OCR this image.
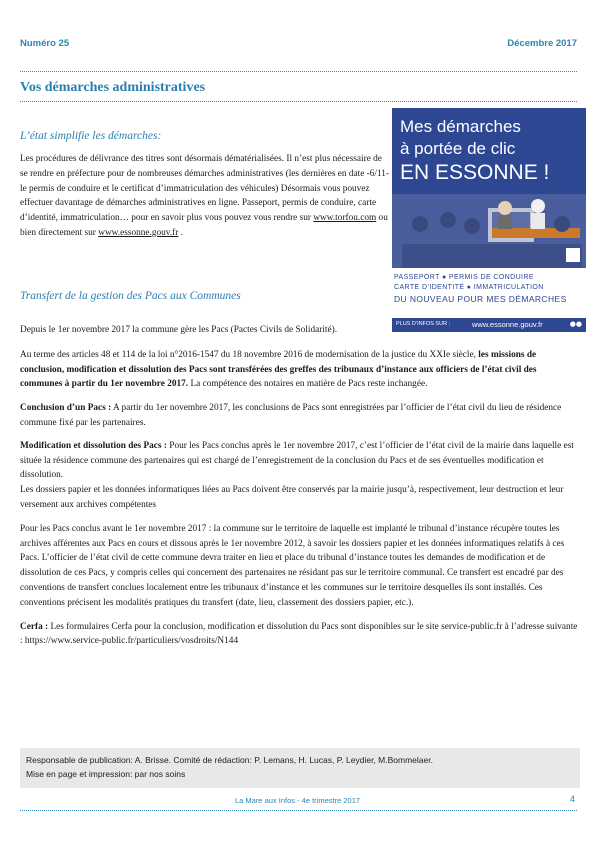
Numéro 25	Décembre 2017
Vos démarches administratives
L’état simplifie les démarches:
Les procédures de délivrance des titres sont désormais dématérialisées. Il n’est plus nécessaire de se rendre en préfecture pour de nombreuses démarches administratives (les dernières en date -6/11-le permis de conduire et le certificat d’immatriculation des véhicules) Désormais vous pouvez effectuer davantage de démarches administratives en ligne. Passeport, permis de conduire, carte d’identité, immatriculation… pour en savoir plus vous pouvez vous rendre sur www.torfou.com ou bien directement sur www.essonne.gouv.fr .
Mes démarches
à portée de clic
EN ESSONNE !
PASSEPORT ● PERMIS DE CONDUIRE
CARTE D’IDENTITÉ ● IMMATRICULATION
DU NOUVEAU POUR MES DÉMARCHES
PLUS D’INFOS SUR :	www.essonne.gouv.fr	●●
Transfert de la gestion des Pacs aux Communes

Depuis le 1er novembre 2017 la commune gère les Pacs (Pactes Civils de Solidarité).

Au terme des articles 48 et 114 de la loi n°2016-1547 du 18 novembre 2016 de modernisation de la justice du XXIe siècle, les missions de conclusion, modification et dissolution des Pacs sont transférées des greffes des tribunaux d’instance aux officiers de l’état civil des communes à partir du 1er novembre 2017. La compétence des notaires en matière de Pacs reste inchangée.

Conclusion d’un Pacs : A partir du 1er novembre 2017, les conclusions de Pacs sont enregistrées par l’officier de l’état civil du lieu de résidence commune fixé par les partenaires.

Modification et dissolution des Pacs : Pour les Pacs conclus après le 1er novembre 2017, c’est l’officier de l’état civil de la mairie dans laquelle est située la résidence commune des partenaires qui est chargé de l’enregistrement de la conclusion du Pacs et de ses éventuelles modification et dissolution.

Les dossiers papier et les données informatiques liées au Pacs doivent être conservés par la mairie jusqu’à, respectivement, leur destruction et leur versement aux archives compétentes

Pour les Pacs conclus avant le 1er novembre 2017 : la commune sur le territoire de laquelle est implanté le tribunal d’instance récupère toutes les archives afférentes aux Pacs en cours et dissous après le 1er novembre 2012, à savoir les dossiers papier et les données informatiques relatifs à ces Pacs. L’officier de l’état civil de cette commune devra traiter en lieu et place du tribunal d’instance toutes les demandes de modification et de dissolution de ces Pacs, y compris celles qui concernent des partenaires ne résidant pas sur le territoire communal. Ce transfert est encadré par des conventions de transfert conclues localement entre les tribunaux d’instance et les communes sur le territoire desquelles ils sont installés. Ces conventions précisent les modalités pratiques du transfert (date, lieu, classement des dossiers papier, etc.).

Cerfa : Les formulaires Cerfa pour la conclusion, modification et dissolution du Pacs sont disponibles sur le site service-public.fr à l’adresse suivante : https://www.service-public.fr/particuliers/vosdroits/N144

Responsable de publication: A. Brisse. Comité de rédaction: P. Lemans, H. Lucas, P. Leydier, M.Bommelaer.
Mise en page et impression: par nos soins
La Mare aux Infos - 4e trimestre 2017	4
